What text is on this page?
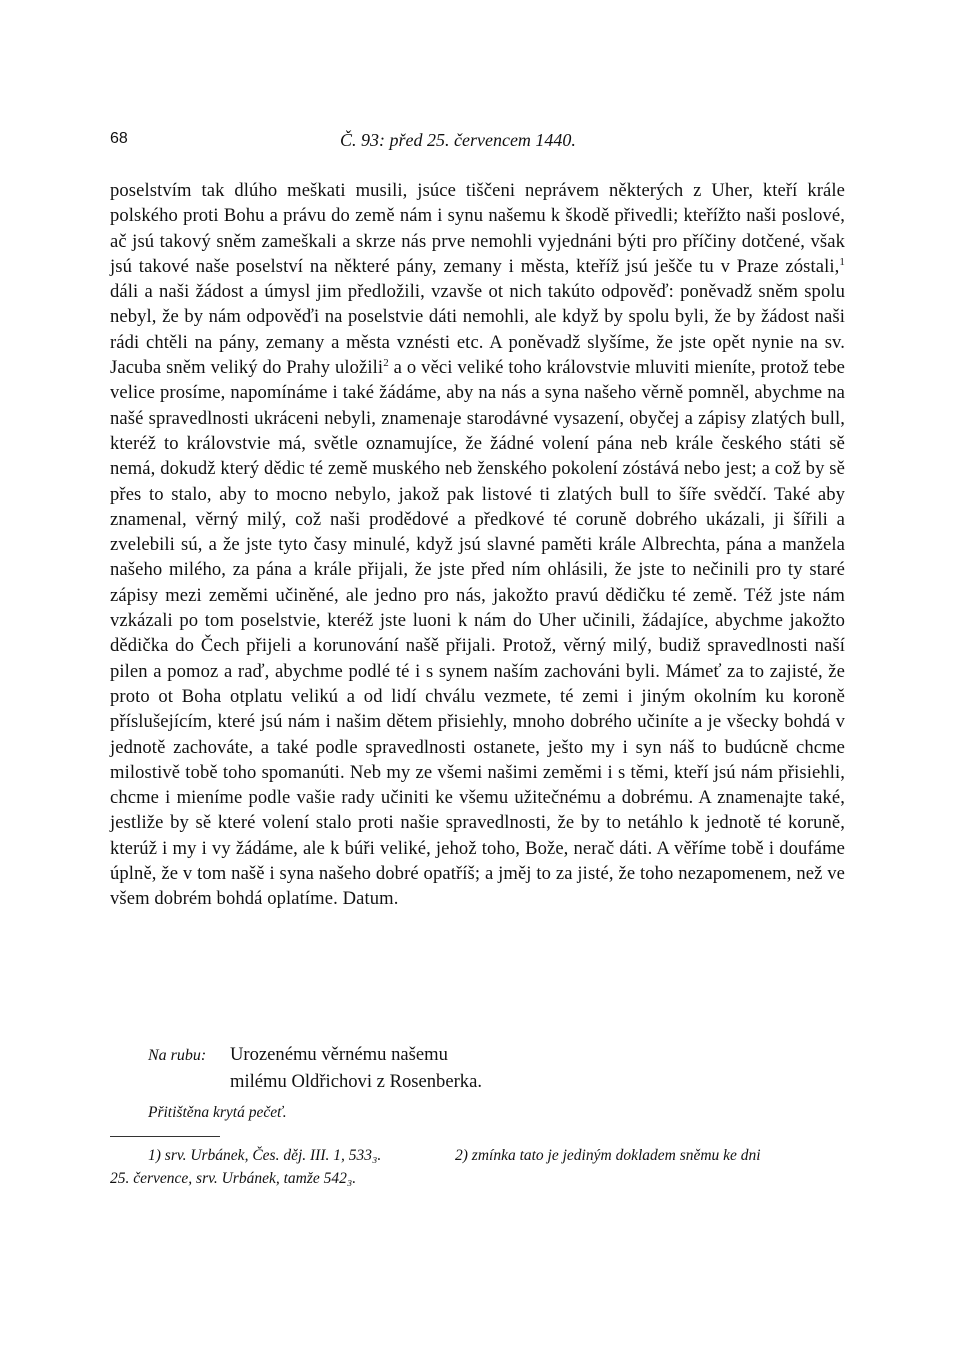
68	Č. 93: před 25. červencem 1440.

poselstvím tak dlúho meškati musili, jsúce tiščeni neprávem některých z Uher, kteří krále polského proti Bohu a právu do země nám i synu našemu k škodě přivedli; kteřížto naši poslové, ač jsú takový sněm zameškali a skrze nás prve nemohli vyjednáni býti pro příčiny dotčené, však jsú takové naše poselství na některé pány, zemany i města, kteříž jsú ješče tu v Praze zóstali,$^1$ dáli a naši žádost a úmysl jim předložili, vzavše ot nich takúto odpověď: poněvadž sněm spolu nebyl, že by nám odpověďi na poselstvie dáti nemohli, ale když by spolu byli, že by žádost naši rádi chtěli na pány, zemany a města vznésti etc. A poněvadž slyšíme, že jste opět nynie na sv. Jacuba sněm veliký do Prahy uložili$^2$ a o věci veliké toho královstvie mluviti mieníte, protož tebe velice prosíme, napomínáme i také žádáme, aby na nás a syna našeho věrně pomněl, abychme na našé spravedlnosti ukráceni nebyli, znamenaje starodávné vysazení, obyčej a zápisy zlatých bull, kteréž to královstvie má, světle oznamujíce, že žádné volení pána neb krále českého státi sě nemá, dokudž který dědic té země muského neb ženského pokolení zóstává nebo jest; a což by sě přes to stalo, aby to mocno nebylo, jakož pak listové ti zlatých bull to šíře svědčí. Také aby znamenal, věrný milý, což naši prodědové a předkové té coruně dobrého ukázali, ji šířili a zvelebili sú, a že jste tyto časy minulé, když jsú slavné paměti krále Albrechta, pána a manžela našeho milého, za pána a krále přijali, že jste před ním ohlásili, že jste to nečinili pro ty staré zápisy mezi zeměmi učiněné, ale jedno pro nás, jakožto pravú dědičku té země. Též jste nám vzkázali po tom poselstvie, kteréž jste luoni k nám do Uher učinili, žádajíce, abychme jakožto dědička do Čech přijeli a korunování našě přijali. Protož, věrný milý, budiž spravedlnosti naší pilen a pomoz a raď, abychme podlé té i s synem naším zachováni byli. Mámeť za to zajisté, že proto ot Boha otplatu velikú a od lidí chválu vezmete, té zemi i jiným okolním ku koroně příslušejícím, které jsú nám i našim dětem přisiehly, mnoho dobrého učiníte a je všecky bohdá v jednotě zachováte, a také podle spravedlnosti ostanete, ješto my i syn náš to budúcně chcme milostivě tobě toho spomanúti. Neb my ze všemi našimi zeměmi i s těmi, kteří jsú nám přisiehli, chcme i mieníme podle vašie rady učiniti ke všemu užitečnému a dobrému. A znamenajte také, jestliže by sě které volení stalo proti našie spravedlnosti, že by to netáhlo k jednotě té koruně, kterúž i my i vy žádáme, ale k búři veliké, jehož toho, Bože, nerač dáti. A věříme tobě i doufáme úplně, že v tom našě i syna našeho dobré opatříš; a jměj to za jisté, že toho nezapomenem, než ve všem dobrém bohdá oplatíme. Datum.

Na rubu: Urozenému věrnému našemu
milému Oldřichovi z Rosenberka.
Přitištěna krytá pečeť.
1) srv. Urbánek, Čes. děj. III. 1, 533₃.	2) zmínka tato je jediným dokladem sněmu ke dni
25. července, srv. Urbánek, tamže 542₃.
